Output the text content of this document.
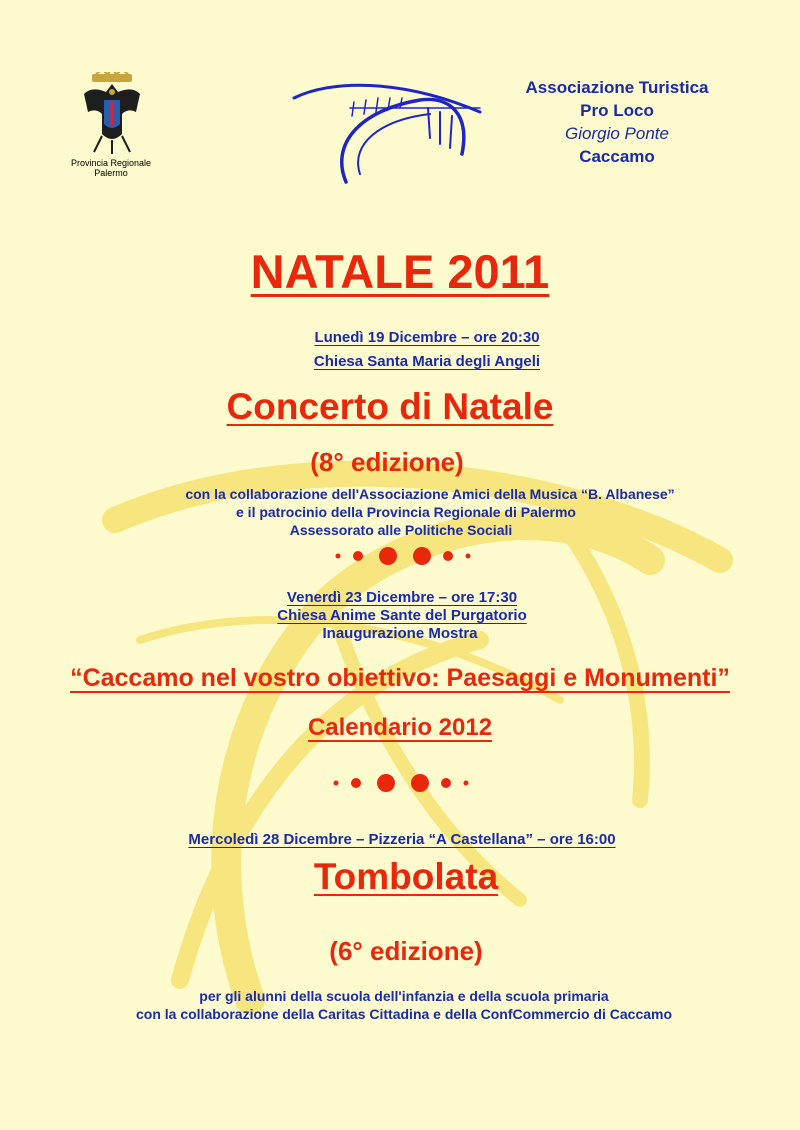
Provincia Regionale
Palermo
Associazione Turistica
Pro Loco
Giorgio Ponte
Caccamo
NATALE 2011
Lunedì 19 Dicembre – ore 20:30
Chiesa Santa Maria degli Angeli
Concerto di Natale
(8° edizione)
con la collaborazione dell'Associazione Amici della Musica “B. Albanese”
e il patrocinio della Provincia Regionale di Palermo
Assessorato alle Politiche Sociali
Venerdì 23 Dicembre – ore 17:30
Chiesa Anime Sante del Purgatorio
Inaugurazione Mostra
“Caccamo nel vostro obiettivo: Paesaggi e Monumenti”
Calendario 2012
Mercoledì 28 Dicembre – Pizzeria “A Castellana” – ore 16:00
Tombolata
(6° edizione)
per gli alunni della scuola dell'infanzia e della scuola primaria
con la collaborazione della Caritas Cittadina e della ConfCommercio di Caccamo
